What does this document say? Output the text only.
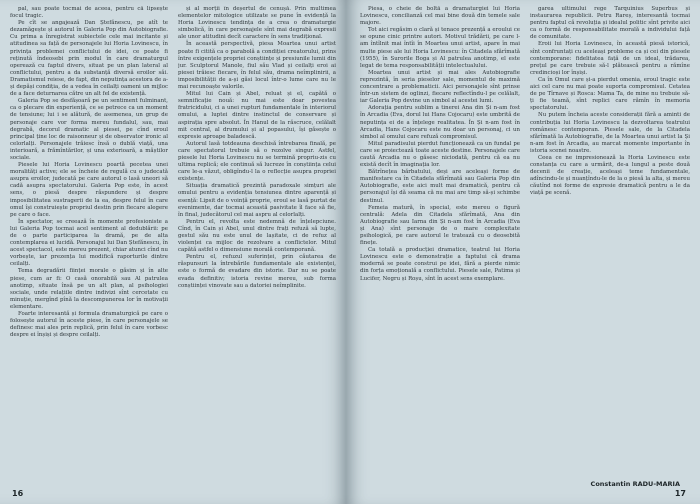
pal, sau poate tocmai de aceea, pentru că lipsește focul tragic.

Pe cît se angajează Dan Ștefănescu, pe atît te dezamăgește și autorul în Galeria Pop din Autobiografie. Cu prima a înregistrat subiectele cele mai incitante și atitudinea sa față de personajele lui Horia Lovinescu, în privința problemei conflictului de idei, ce poate fi reținută îndeosebi prin modul în care dramaturgul operează cu faptul divers, situat pe un plan lateral al conflictului, pentru a da substanță diversă eroilor săi. Dramatismul reiese, de fapt, din neputința acestora de a-și depăși condiția, de a vedea în ceilalți oameni un mijloc de a face deturnarea către un alt fel de existență.

Galeria Pop se desfășoară pe un sentiment fulminant, ca o plecare din experiență, ce se petrece ca un moment de tensiune; lui i se alătură, de asemenea, un grup de personaje care vor forma mereu fundalul, sau, mai degrabă, decorul dramatic al piesei, pe cînd eroul principal ține loc de raisonneur și de observator ironic al celorlalți. Personajele trăiesc însă o dublă viață, una interioară, a frămîntărilor, și una exterioară, a măștilor sociale.

Piesele lui Horia Lovinescu poartă pecetea unei moralități active; ele se încheie de regulă cu o judecată asupra eroilor, judecată pe care autorul o lasă uneori să cadă asupra spectatorului. Galeria Pop este, în acest sens, o piesă despre răspundere și despre imposibilitatea sustragerii de la ea, despre felul în care omul își construiește propriul destin prin fiecare alegere pe care o face.

În spectator, se creează în momente profesioniste a lui Galeria Pop tocmai acel sentiment al dedublării: pe de o parte participarea la dramă, pe de alta contemplarea ei lucidă. Personajul lui Dan Ștefănescu, în acest spectacol, este mereu prezent, chiar atunci cînd nu vorbește, iar prezența lui modifică raporturile dintre ceilalți.

Tema degradării ființei morale o găsim și în alte piese, cum ar fi: O casă onorabilă sau Al patrulea anotimp, situate însă pe un alt plan, al psihologiei sociale, unde relațiile dintre indivizi sînt cercetate cu minuție, mergînd pînă la descompunerea lor în motivații elementare.

Foarte interesantă și formula dramaturgică pe care o folosește autorul în aceste piese, în care personajele se definesc mai ales prin replică, prin felul în care vorbesc despre ei înșiși și despre ceilalți.

și al morții în deșertul de cenușă. Prin multimea elementelor mitologice utilizate se pune în evidență la Horia Lovinescu tendința de a crea o dramaturgie simbolică, în care personajele sînt mai degrabă expresii ale unor atitudini decît caractere în sens tradițional.

În această perspectivă, piesa Moartea unui artist poate fi citită ca o parabolă a condiției creatorului, prins între exigențele propriei conștiințe și presiunile lumii din jur. Sculptorul Manole, fiul său Vlad și ceilalți eroi ai piesei trăiesc fiecare, în felul său, drama neîmplinirii, a imposibilității de a-și găsi locul într-o lume care nu le mai recunoaște valorile.

Mitul lui Cain și Abel, reluat și el, capătă o semnificație nouă: nu mai este doar povestea fratricidului, ci a unei rupturi fundamentale în interiorul omului, a luptei dintre instinctul de conservare și aspirația spre absolut. În Hanul de la răscruce, celălalt mit central, al drumului și al popasului, își găsește o expresie aproape baladescă.

Autorul lasă totdeauna deschisă întrebarea finală, pe care spectatorul trebuie să o rezolve singur. Astfel, piesele lui Horia Lovinescu nu se termină propriu-zis cu ultima replică; ele continuă să lucreze în conștiința celui care le-a văzut, obligîndu-l la o reflecție asupra propriei existențe.

Situația dramatică prezintă paradoxale simțuri ale omului pentru a evidenția tensiunea dintre aparență și esență: Lipsit de o voință proprie, eroul se lasă purtat de evenimente, dar tocmai această pasivitate îl face să fie, în final, judecătorul cel mai aspru al celorlalți.

Pentru el, revolta este nedemnă de înțelepciune. Cînd, în Cain și Abel, unul dintre frați refuză să lupte, gestul său nu este unul de lașitate, ci de refuz al violenței ca mijloc de rezolvare a conflictelor. Mitul capătă astfel o dimensiune morală contemporană.

Pentru el, refuzul suferinței, prin căutarea de răspunsuri la întrebările fundamentale ale existenței, este o formă de evadare din istorie. Dar nu se poate evada definitiv; istoria revine mereu, sub forma conștiinței vinovate sau a datoriei neîmplinite.

16

Piesa, o cheie de boltă a dramaturgiei lui Horia Lovinescu, concilianză cel mai bine două din temele sale majore.

Tot aici regăsim o clară și tenace prezență a eroului ce se opune cinic printre autori. Motivul trădării, pe care l-am întîlnit mai întîi în Moartea unui artist, apare în mai multe piese ale lui Horia Lovinescu: în Citadela sfărîmată (1955), în Surorile Boga și Al patrulea anotimp, el este legat de tema responsabilității intelectualului.

Moartea unui artist și mai ales Autobiografie reprezintă, în seria pieselor sale, momentul de maximă concentrare a problematicii. Aici personajele sînt prinse într-un sistem de oglinzi, fiecare reflectîndu-l pe celălalt, iar Galeria Pop devine un simbol al acestei lumi.

Adorația pentru sublim a tinerei Ana din Și n-am fost în Arcadia (Eva, dorul lui Hans Cojocaru) este umbrită de neputința ei de a înțelege realitatea. În Și n-am fost în Arcadia, Hans Cojocaru este nu doar un personaj, ci un simbol al omului care refuză compromisul.

Mitul paradisului pierdut funcționează ca un fundal pe care se proiectează toate aceste destine. Personajele care caută Arcadia nu o găsesc niciodată, pentru că ea nu există decît în imaginația lor.

Bătrînețea bărbatului, deși are aceleași forme de manifestare ca în Citadela sfărîmată sau Galeria Pop din Autobiografie, este aici mult mai dramatică, pentru că personajul își dă seama că nu mai are timp să-și schimbe destinul.

Femeia matură, în special, este mereu o figură centrală: Adela din Citadela sfărîmată, Ana din Autobiografie sau Iarna din Și n-am fost în Arcadia (Eva și Ana) sînt personaje de o mare complexitate psihologică, pe care autorul le tratează cu o deosebită finețe.

Ca totală a producției dramatice, teatrul lui Horia Lovinescu este o demonstrație a faptului că drama modernă se poate construi pe idei, fără a pierde nimic din forța emoțională a conflictului. Piesele sale, Patima și Lucifer, Negru și Roșu, sînt în acest sens exemplare.

garea ultimului rege Tarquinius Superbus și instaurarea republicii. Petru Rareș, interesantă tocmai pentru faptul că revoluția și idealul politic sînt privite aici ca o formă de responsabilitate morală a individului față de comunitate.

Eroii lui Horia Lovinescu, în această piesă istorică, sînt confruntați cu aceleași probleme ca și cei din piesele contemporane: fidelitatea față de un ideal, trădarea, prețul pe care trebuie să-l plătească pentru a rămîne credincioși lor înșiși.

Ca în Omul care și-a pierdut omenia, eroul tragic este aici cel care nu mai poate suporta compromisul. Cetatea de pe Tîrnave și Rosca: Mama Ta, de mine nu trebuie să-ți fie teamă, sînt replici care rămîn în memoria spectatorului.

Nu putem încheia aceste considerații fără a aminti de contribuția lui Horia Lovinescu la dezvoltarea teatrului românesc contemporan. Piesele sale, de la Citadela sfărîmată la Autobiografie, de la Moartea unui artist la Și n-am fost în Arcadia, au marcat momente importante în istoria scenei noastre.

Ceea ce ne impresionează la Horia Lovinescu este constanța cu care a urmărit, de-a lungul a peste două decenii de creație, aceleași teme fundamentale, adîncindu-le și nuanțîndu-le de la o piesă la alta, și mereu căutînd noi forme de expresie dramatică pentru a le da viață pe scenă.

Constantin RADU-MARIA
17
